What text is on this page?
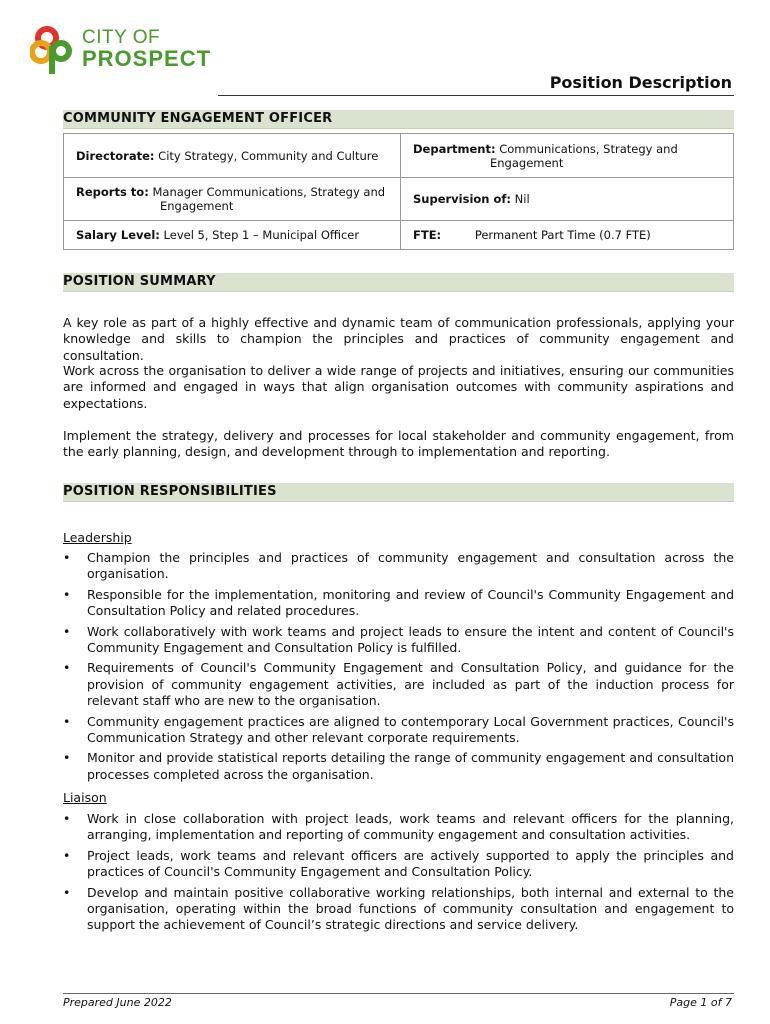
CITY OF
PROSPECT
Position Description
COMMUNITY ENGAGEMENT OFFICER
Directorate: City Strategy, Community and Culture	Department: Communications, Strategy and Engagement

Reports to: Manager Communications, Strategy and Engagement	Supervision of: Nil
Salary Level: Level 5, Step 1 – Municipal Officer	FTE: Permanent Part Time (0.7 FTE)
POSITION SUMMARY
A key role as part of a highly effective and dynamic team of communication professionals, applying your knowledge and skills to champion the principles and practices of community engagement and consultation.
Work across the organisation to deliver a wide range of projects and initiatives, ensuring our communities are informed and engaged in ways that align organisation outcomes with community aspirations and expectations.
Implement the strategy, delivery and processes for local stakeholder and community engagement, from the early planning, design, and development through to implementation and reporting.
POSITION RESPONSIBILITIES
Leadership
• Champion the principles and practices of community engagement and consultation across the organisation.
• Responsible for the implementation, monitoring and review of Council's Community Engagement and Consultation Policy and related procedures.
• Work collaboratively with work teams and project leads to ensure the intent and content of Council's Community Engagement and Consultation Policy is fulfilled.
• Requirements of Council's Community Engagement and Consultation Policy, and guidance for the provision of community engagement activities, are included as part of the induction process for relevant staff who are new to the organisation.
• Community engagement practices are aligned to contemporary Local Government practices, Council's Communication Strategy and other relevant corporate requirements.
• Monitor and provide statistical reports detailing the range of community engagement and consultation processes completed across the organisation.
Liaison
• Work in close collaboration with project leads, work teams and relevant officers for the planning, arranging, implementation and reporting of community engagement and consultation activities.
• Project leads, work teams and relevant officers are actively supported to apply the principles and practices of Council's Community Engagement and Consultation Policy.
• Develop and maintain positive collaborative working relationships, both internal and external to the organisation, operating within the broad functions of community consultation and engagement to support the achievement of Council’s strategic directions and service delivery.
Prepared June 2022	Page 1 of 7
